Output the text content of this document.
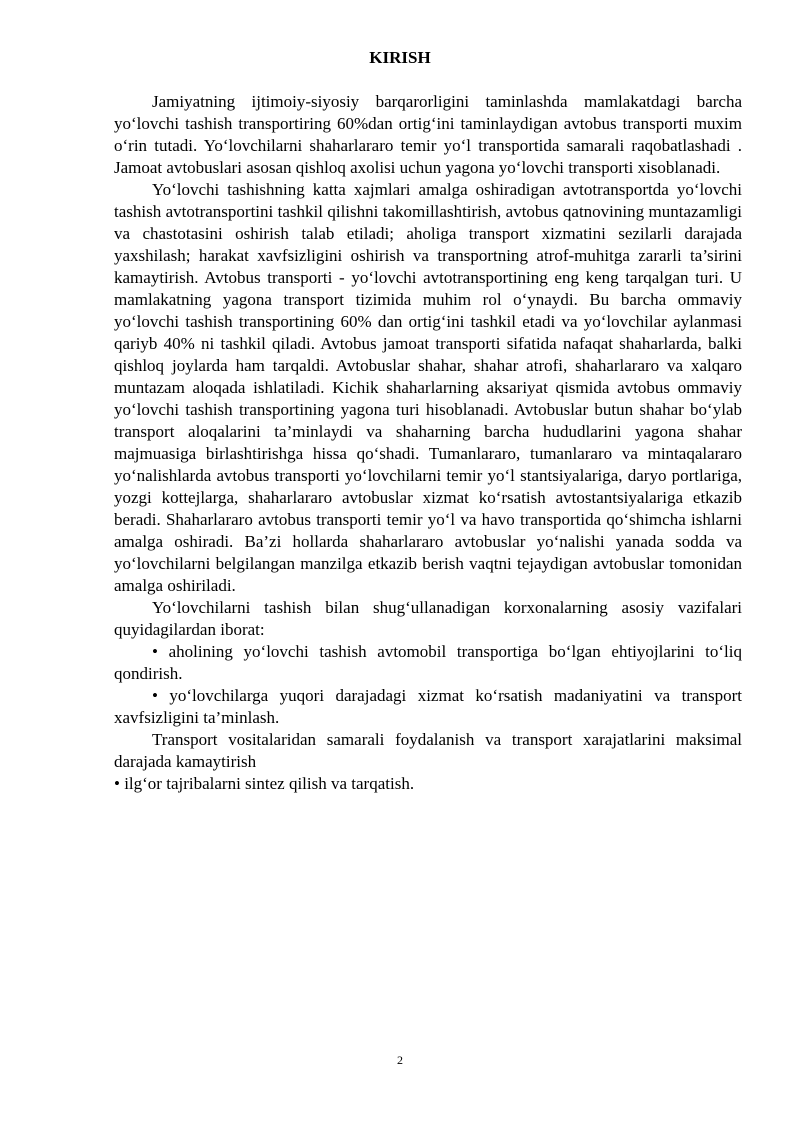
KIRISH

Jamiyatning ijtimoiy-siyosiy barqarorligini taminlashda mamlakatdagi barcha yo‘lovchi tashish transportiring 60%dan ortig‘ini taminlaydigan avtobus transporti muxim o‘rin tutadi. Yo‘lovchilarni shaharlararo temir yo‘l transportida samarali raqobatlashadi . Jamoat avtobuslari asosan qishloq axolisi uchun yagona yo‘lovchi transporti xisoblanadi.

Yo‘lovchi tashishning katta xajmlari amalga oshiradigan avtotransportda yo‘lovchi tashish avtotransportini tashkil qilishni takomillashtirish, avtobus qatnovining muntazamligi va chastotasini oshirish talab etiladi; aholiga transport xizmatini sezilarli darajada yaxshilash; harakat xavfsizligini oshirish va transportning atrof-muhitga zararli ta’sirini kamaytirish. Avtobus transporti - yo‘lovchi avtotransportining eng keng tarqalgan turi. U mamlakatning yagona transport tizimida muhim rol o‘ynaydi. Bu barcha ommaviy yo‘lovchi tashish transportining 60% dan ortig‘ini tashkil etadi va yo‘lovchilar aylanmasi qariyb 40% ni tashkil qiladi. Avtobus jamoat transporti sifatida nafaqat shaharlarda, balki qishloq joylarda ham tarqaldi. Avtobuslar shahar, shahar atrofi, shaharlararo va xalqaro muntazam aloqada ishlatiladi. Kichik shaharlarning aksariyat qismida avtobus ommaviy yo‘lovchi tashish transportining yagona turi hisoblanadi. Avtobuslar butun shahar bo‘ylab transport aloqalarini ta’minlaydi va shaharning barcha hududlarini yagona shahar majmuasiga birlashtirishga hissa qo‘shadi. Tumanlararo, tumanlararo va mintaqalararo yo‘nalishlarda avtobus transporti yo‘lovchilarni temir yo‘l stantsiyalariga, daryo portlariga, yozgi kottejlarga, shaharlararo avtobuslar xizmat ko‘rsatish avtostantsiyalariga etkazib beradi. Shaharlararo avtobus transporti temir yo‘l va havo transportida qo‘shimcha ishlarni amalga oshiradi. Ba’zi hollarda shaharlararo avtobuslar yo‘nalishi yanada sodda va yo‘lovchilarni belgilangan manzilga etkazib berish vaqtni tejaydigan avtobuslar tomonidan amalga oshiriladi.

Yo‘lovchilarni tashish bilan shug‘ullanadigan korxonalarning asosiy vazifalari quyidagilardan iborat:

• aholining yo‘lovchi tashish avtomobil transportiga bo‘lgan ehtiyojlarini to‘liq qondirish.

• yo‘lovchilarga yuqori darajadagi xizmat ko‘rsatish madaniyatini va transport xavfsizligini ta’minlash.

Transport vositalaridan samarali foydalanish va transport xarajatlarini maksimal darajada kamaytirish

• ilg‘or tajribalarni sintez qilish va tarqatish.

2
